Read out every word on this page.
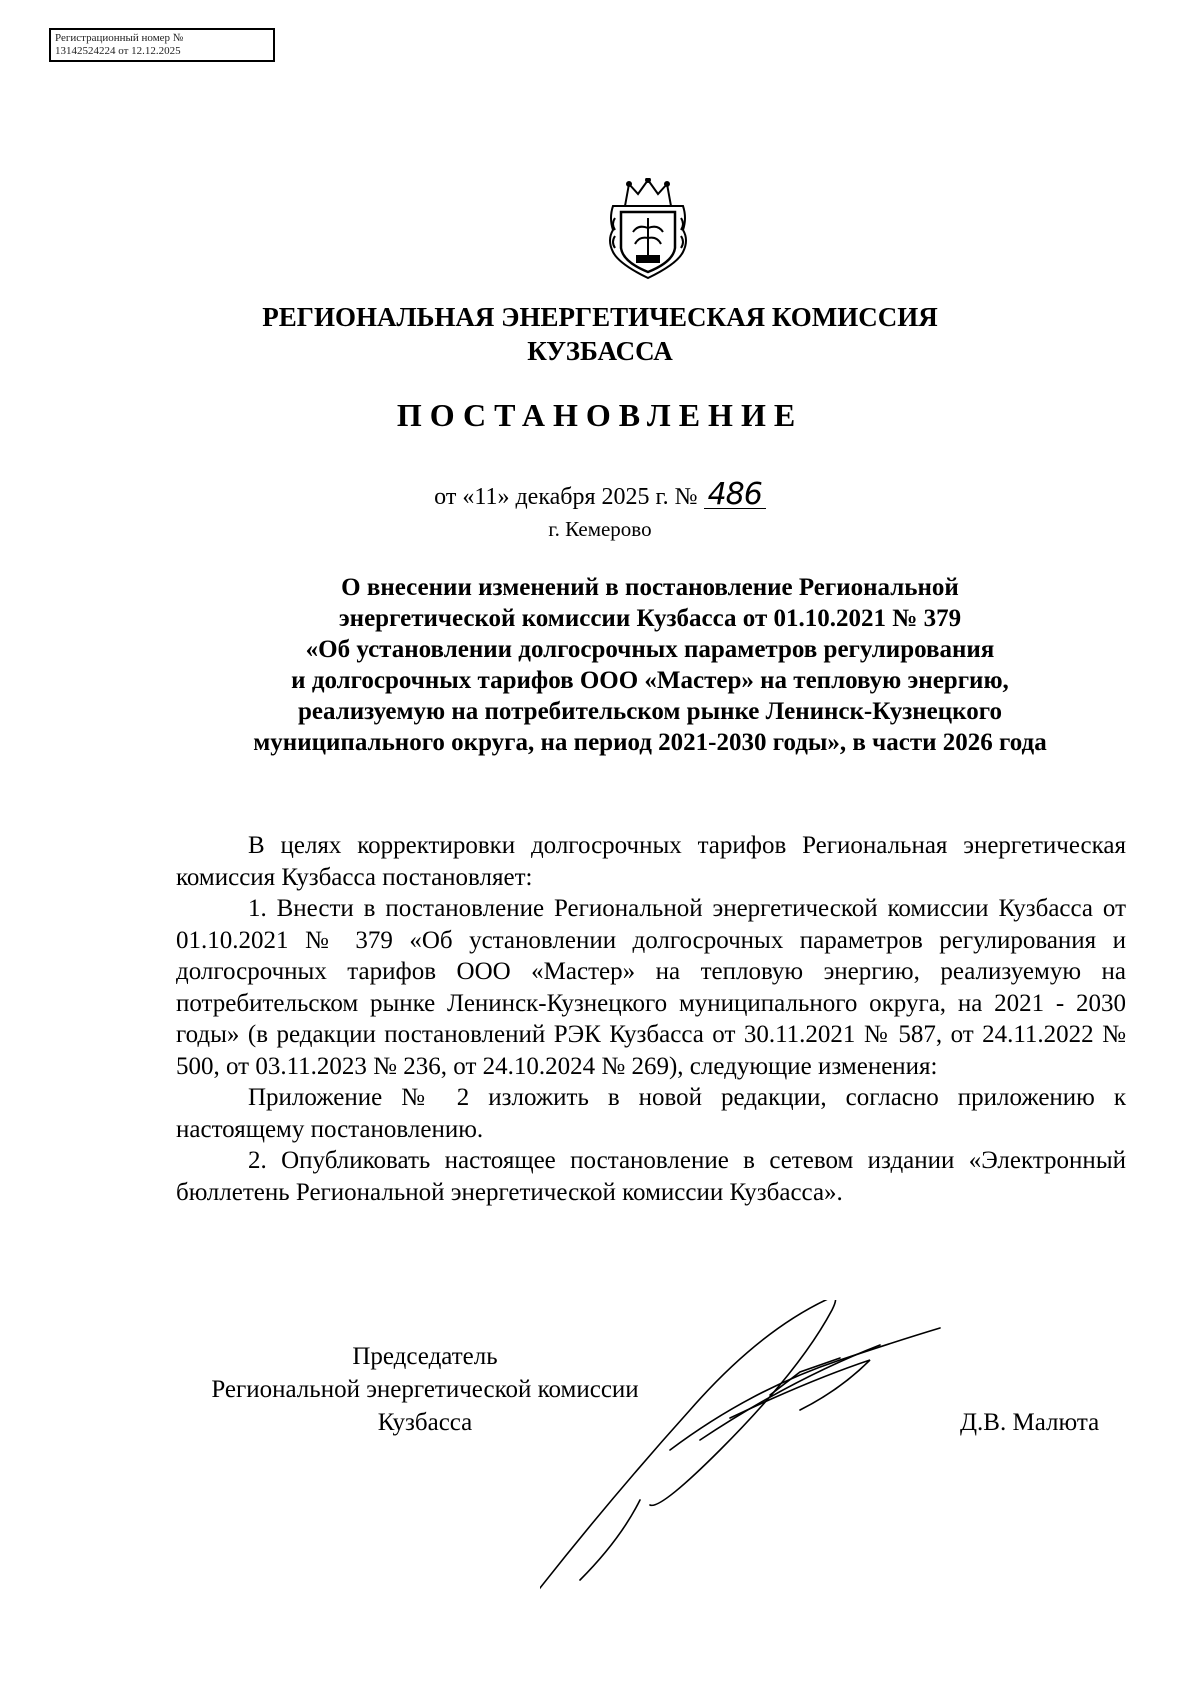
Регистрационный номер №
13142524224 от 12.12.2025
РЕГИОНАЛЬНАЯ ЭНЕРГЕТИЧЕСКАЯ КОМИССИЯ
КУЗБАССА
ПОСТАНОВЛЕНИЕ
от «11» декабря 2025 г. № 486
г. Кемерово
О внесении изменений в постановление Региональной
энергетической комиссии Кузбасса от 01.10.2021 № 379
«Об установлении долгосрочных параметров регулирования
и долгосрочных тарифов ООО «Мастер» на тепловую энергию,
реализуемую на потребительском рынке Ленинск-Кузнецкого
муниципального округа, на период 2021-2030 годы», в части 2026 года

В целях корректировки долгосрочных тарифов Региональная энергетическая комиссия Кузбасса постановляет:

1. Внести в постановление Региональной энергетической комиссии Кузбасса от 01.10.2021 № 379 «Об установлении долгосрочных параметров регулирования и долгосрочных тарифов ООО «Мастер» на тепловую энергию, реализуемую на потребительском рынке Ленинск-Кузнецкого муниципального округа, на 2021 - 2030 годы» (в редакции постановлений РЭК Кузбасса от 30.11.2021 № 587, от 24.11.2022 № 500, от 03.11.2023 № 236, от 24.10.2024 № 269), следующие изменения:

Приложение № 2 изложить в новой редакции, согласно приложению к настоящему постановлению.

2. Опубликовать настоящее постановление в сетевом издании «Электронный бюллетень Региональной энергетической комиссии Кузбасса».

Председатель
Региональной энергетической комиссии
Кузбасса	Д.В. Малюта
